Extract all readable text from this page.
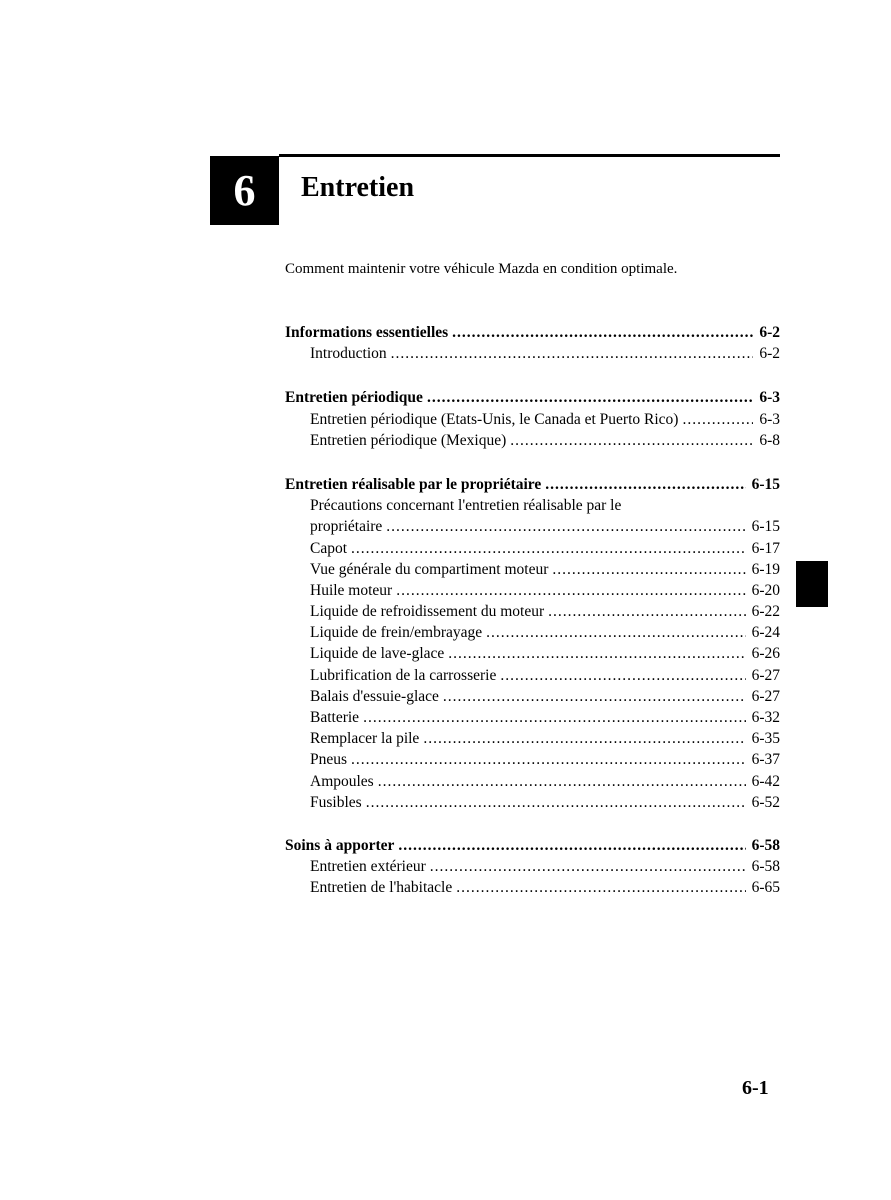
6 Entretien
Comment maintenir votre véhicule Mazda en condition optimale.
Informations essentielles .....	6-2
Introduction .....	6-2
Entretien périodique .....	6-3
Entretien périodique (Etats-Unis, le Canada et Puerto Rico) .....	6-3
Entretien périodique (Mexique) .....	6-8
Entretien réalisable par le propriétaire .....	6-15
Précautions concernant l'entretien réalisable par le
propriétaire .....	6-15
Capot .....	6-17
Vue générale du compartiment moteur .....	6-19
Huile moteur .....	6-20
Liquide de refroidissement du moteur .....	6-22
Liquide de frein/embrayage .....	6-24
Liquide de lave-glace .....	6-26
Lubrification de la carrosserie .....	6-27
Balais d'essuie-glace .....	6-27
Batterie .....	6-32
Remplacer la pile .....	6-35
Pneus .....	6-37
Ampoules .....	6-42
Fusibles .....	6-52
Soins à apporter .....	6-58
Entretien extérieur .....	6-58
Entretien de l'habitacle .....	6-65
6-1
